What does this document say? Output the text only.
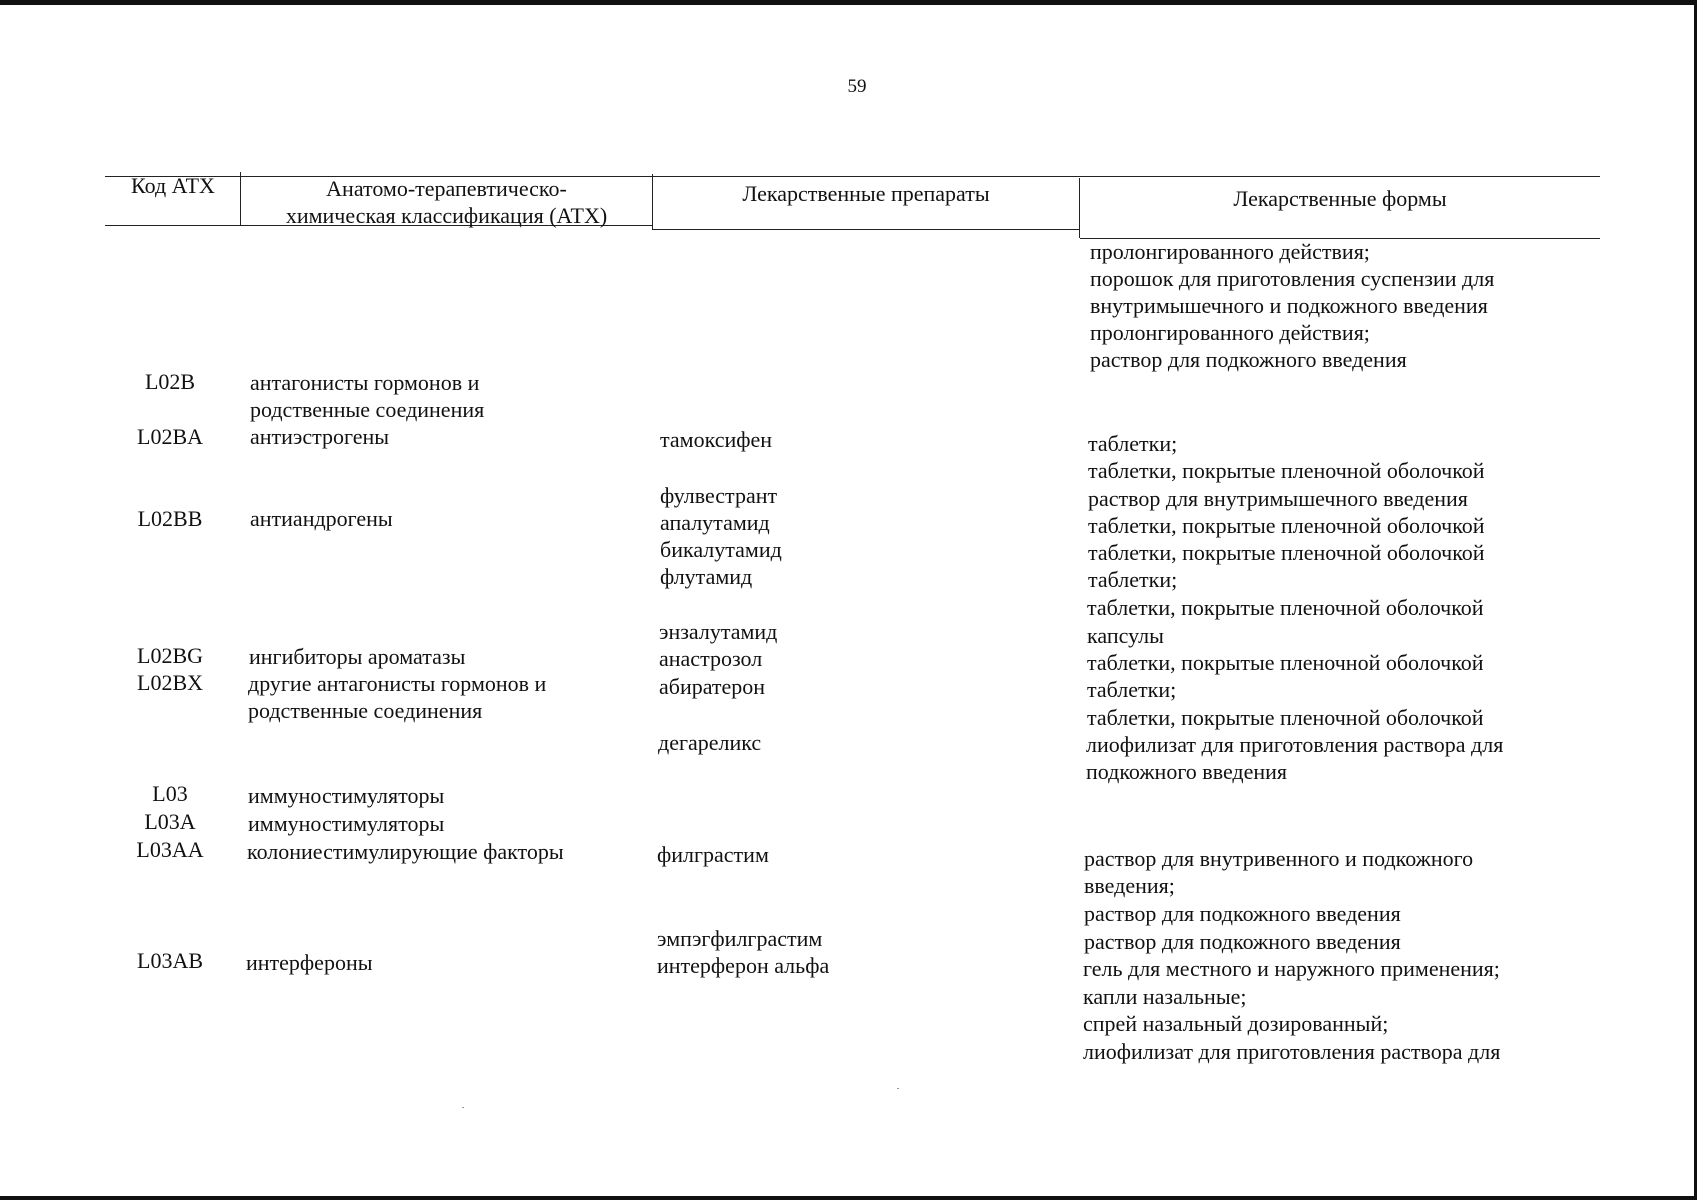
59
Код АТХ	Анатомо-терапевтическо-
химическая классификация (АТХ)
Лекарственные препараты	Лекарственные формы
L02B
L02BA
L02BB
L02BG
L02BX
L03
L03A
L03AA
L03AB
антагонисты гормонов и
родственные соединения
антиэстрогены
антиандрогены
ингибиторы ароматазы
другие антагонисты гормонов и
родственные соединения
иммуностимуляторы
иммуностимуляторы
колониестимулирующие факторы
интерфероны
тамоксифен
фулвестрант
апалутамид
бикалутамид
флутамид
энзалутамид
анастрозол
абиратерон
дегареликс
филграстим
эмпэгфилграстим
интерферон альфа
пролонгированного действия;
порошок для приготовления суспензии для
внутримышечного и подкожного введения
пролонгированного действия;
раствор для подкожного введения
таблетки;
таблетки, покрытые пленочной оболочкой
раствор для внутримышечного введения
таблетки, покрытые пленочной оболочкой
таблетки, покрытые пленочной оболочкой
таблетки;
таблетки, покрытые пленочной оболочкой
капсулы
таблетки, покрытые пленочной оболочкой
таблетки;
таблетки, покрытые пленочной оболочкой
лиофилизат для приготовления раствора для
подкожного введения
раствор для внутривенного и подкожного
введения;
раствор для подкожного введения
раствор для подкожного введения
гель для местного и наружного применения;
капли назальные;
спрей назальный дозированный;
лиофилизат для приготовления раствора для
